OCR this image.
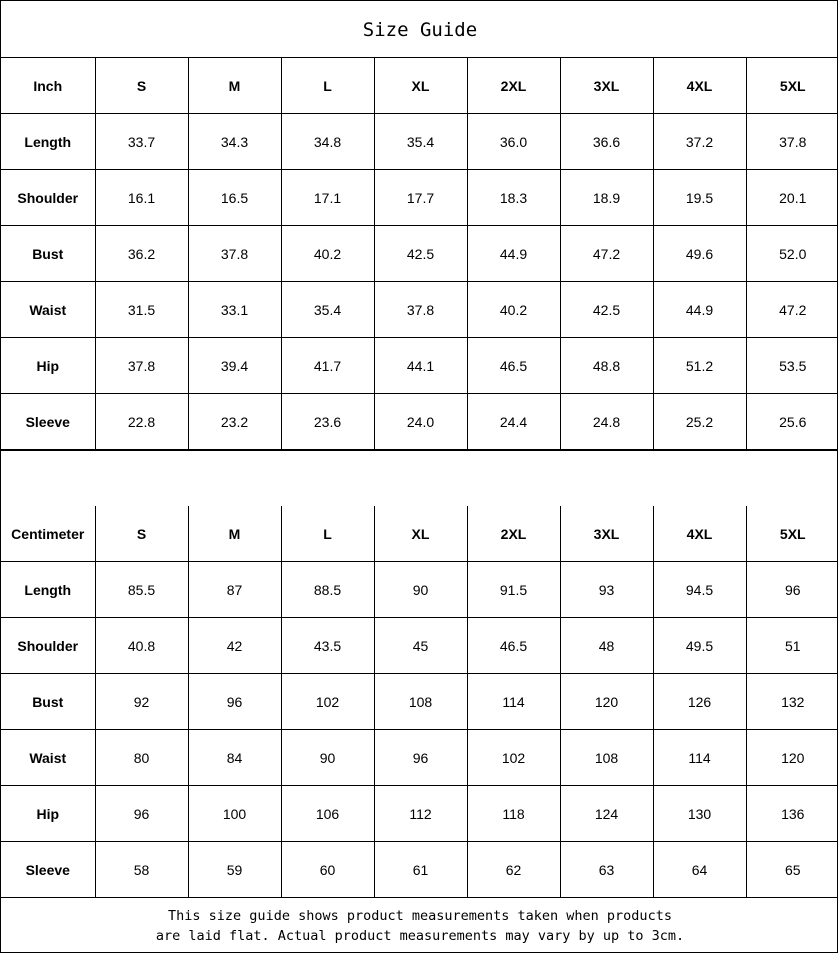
Size Guide
Inch	S	M	L	XL	2XL	3XL	4XL	5XL
Length	33.7	34.3	34.8	35.4	36.0	36.6	37.2	37.8
Shoulder	16.1	16.5	17.1	17.7	18.3	18.9	19.5	20.1
Bust	36.2	37.8	40.2	42.5	44.9	47.2	49.6	52.0
Waist	31.5	33.1	35.4	37.8	40.2	42.5	44.9	47.2
Hip	37.8	39.4	41.7	44.1	46.5	48.8	51.2	53.5
Sleeve	22.8	23.2	23.6	24.0	24.4	24.8	25.2	25.6
Centimeter	S	M	L	XL	2XL	3XL	4XL	5XL
Length	85.5	87	88.5	90	91.5	93	94.5	96
Shoulder	40.8	42	43.5	45	46.5	48	49.5	51
Bust	92	96	102	108	114	120	126	132
Waist	80	84	90	96	102	108	114	120
Hip	96	100	106	112	118	124	130	136
Sleeve	58	59	60	61	62	63	64	65
This size guide shows product measurements taken when products
are laid flat. Actual product measurements may vary by up to 3cm.
